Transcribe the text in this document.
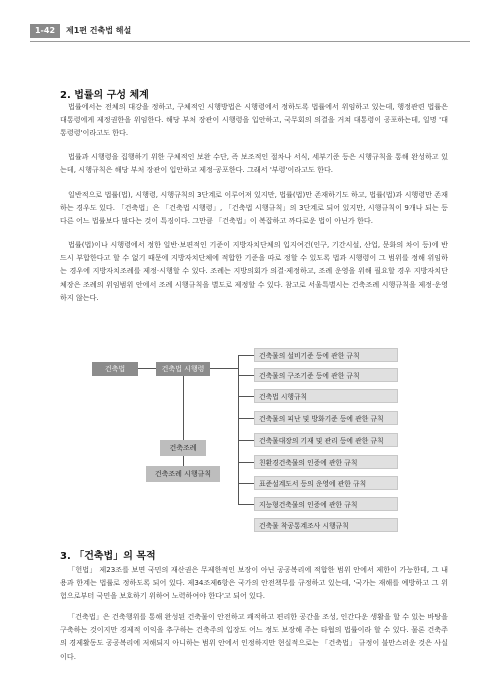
1-42	제1편 건축법 해설
2. 법률의 구성 체계
법률에서는 전체의 대강을 정하고, 구체적인 시행방법은 시행령에서 정하도록 법률에서 위임하고 있는데, 행정관련 법률은 대통령에게 제정권한을 위임한다. 해당 부처 장관이 시행령을 입안하고, 국무회의 의결을 거쳐 대통령이 공포하는데, 일명 '대통령령'이라고도 한다.
법률과 시행령을 집행하기 위한 구체적인 보완 수단, 즉 보조적인 절차나 서식, 세부기준 등은 시행규칙을 통해 완성하고 있는데, 시행규칙은 해당 부처 장관이 입안하고 제정·공포한다. 그래서 '부령'이라고도 한다.
일반적으로 법률(법), 시행령, 시행규칙의 3단계로 이루어져 있지만, 법률(법)만 존재하기도 하고, 법률(법)과 시행령만 존재하는 경우도 있다. 「건축법」은 「건축법 시행령」, 「건축법 시행규칙」의 3단계로 되어 있지만, 시행규칙이 9개나 되는 등 다른 어느 법률보다 많다는 것이 특징이다. 그만큼 「건축법」이 복잡하고 까다로운 법이 아닌가 한다.
법률(법)이나 시행령에서 정한 일반·보편적인 기준이 지방자치단체의 입지여건(인구, 기간시설, 산업, 문화의 차이 등)에 반드시 부합한다고 할 수 없기 때문에 지방자치단체에 적합한 기준을 따로 정할 수 있도록 법과 시행령이 그 범위를 정해 위임하는 경우에 지방자치조례를 제정·시행할 수 있다. 조례는 지방의회가 의결·제정하고, 조례 운영을 위해 필요할 경우 지방자치단체장은 조례의 위임범위 안에서 조례 시행규칙을 별도로 제정할 수 있다. 참고로 서울특별시는 건축조례 시행규칙을 제정·운영하지 않는다.
건축법	건축법 시행령
건축조례
건축조례 시행규칙
건축물의 설비기준 등에 관한 규칙
건축물의 구조기준 등에 관한 규칙
건축법 시행규칙
건축물의 피난 및 방화기준 등에 관한 규칙
건축물대장의 기재 및 관리 등에 관한 규칙
친환경건축물의 인증에 관한 규칙
표준설계도서 등의 운영에 관한 규칙
지능형건축물의 인증에 관한 규칙
건축물 착공통계조사 시행규칙
3. 「건축법」의 목적
「헌법」 제23조를 보면 국민의 재산권은 무제한적인 보장이 아닌 공공복리에 적합한 범위 안에서 제한이 가능한데, 그 내용과 한계는 법률로 정하도록 되어 있다. 제34조제6항은 국가의 안전책무를 규정하고 있는데, '국가는 재해를 예방하고 그 위험으로부터 국민을 보호하기 위하여 노력하여야 한다'고 되어 있다.
「건축법」은 건축행위를 통해 완성된 건축물이 안전하고 쾌적하고 편리한 공간을 조성, 인간다운 생활을 할 수 있는 바탕을 구축하는 것이지만 경제적 이익을 추구하는 건축주의 입장도 어느 정도 보장해 주는 타협의 법률이라 할 수 있다. 물론 건축주의 경제활동도 공공복리에 저해되지 아니하는 범위 안에서 인정하지만 현실적으로는 「건축법」 규정이 불만스러운 것은 사실이다.
